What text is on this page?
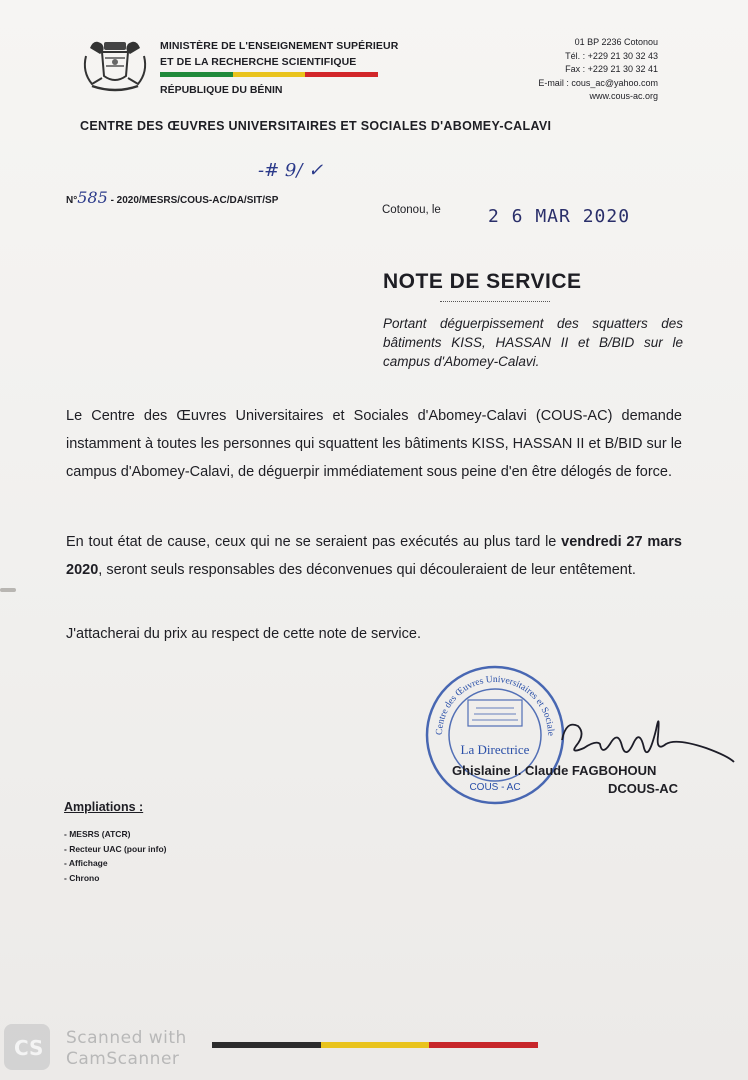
MINISTÈRE DE L'ENSEIGNEMENT SUPÉRIEUR
ET DE LA RECHERCHE SCIENTIFIQUE
RÉPUBLIQUE DU BÉNIN
01 BP 2236 Cotonou
Tél. : +229 21 30 32 43
Fax : +229 21 30 32 41
E-mail : cous_ac@yahoo.com
www.cous-ac.org
CENTRE DES ŒUVRES UNIVERSITAIRES ET SOCIALES D'ABOMEY-CALAVI
-# 9/ ✓
N°585 - 2020/MESRS/COUS-AC/DA/SIT/SP
Cotonou, le	2 6 MAR 2020
NOTE DE SERVICE
Portant déguerpissement des squatters des bâtiments KISS, HASSAN II et B/BID sur le campus d'Abomey-Calavi.
Le Centre des Œuvres Universitaires et Sociales d'Abomey-Calavi (COUS-AC) demande instamment à toutes les personnes qui squattent les bâtiments KISS, HASSAN II et B/BID sur le campus d'Abomey-Calavi, de déguerpir immédiatement sous peine d'en être délogés de force.
En tout état de cause, ceux qui ne se seraient pas exécutés au plus tard le vendredi 27 mars 2020, seront seuls responsables des déconvenues qui découleraient de leur entêtement.
J'attacherai du prix au respect de cette note de service.
Centre des Œuvres Universitaires et Sociale
La Directrice
COUS - AC
Ghislaine I. Claude FAGBOHOUN
DCOUS-AC
Ampliations :
- MESRS (ATCR)
- Recteur UAC (pour info)
- Affichage
- Chrono
CS Scanned with
CamScanner
